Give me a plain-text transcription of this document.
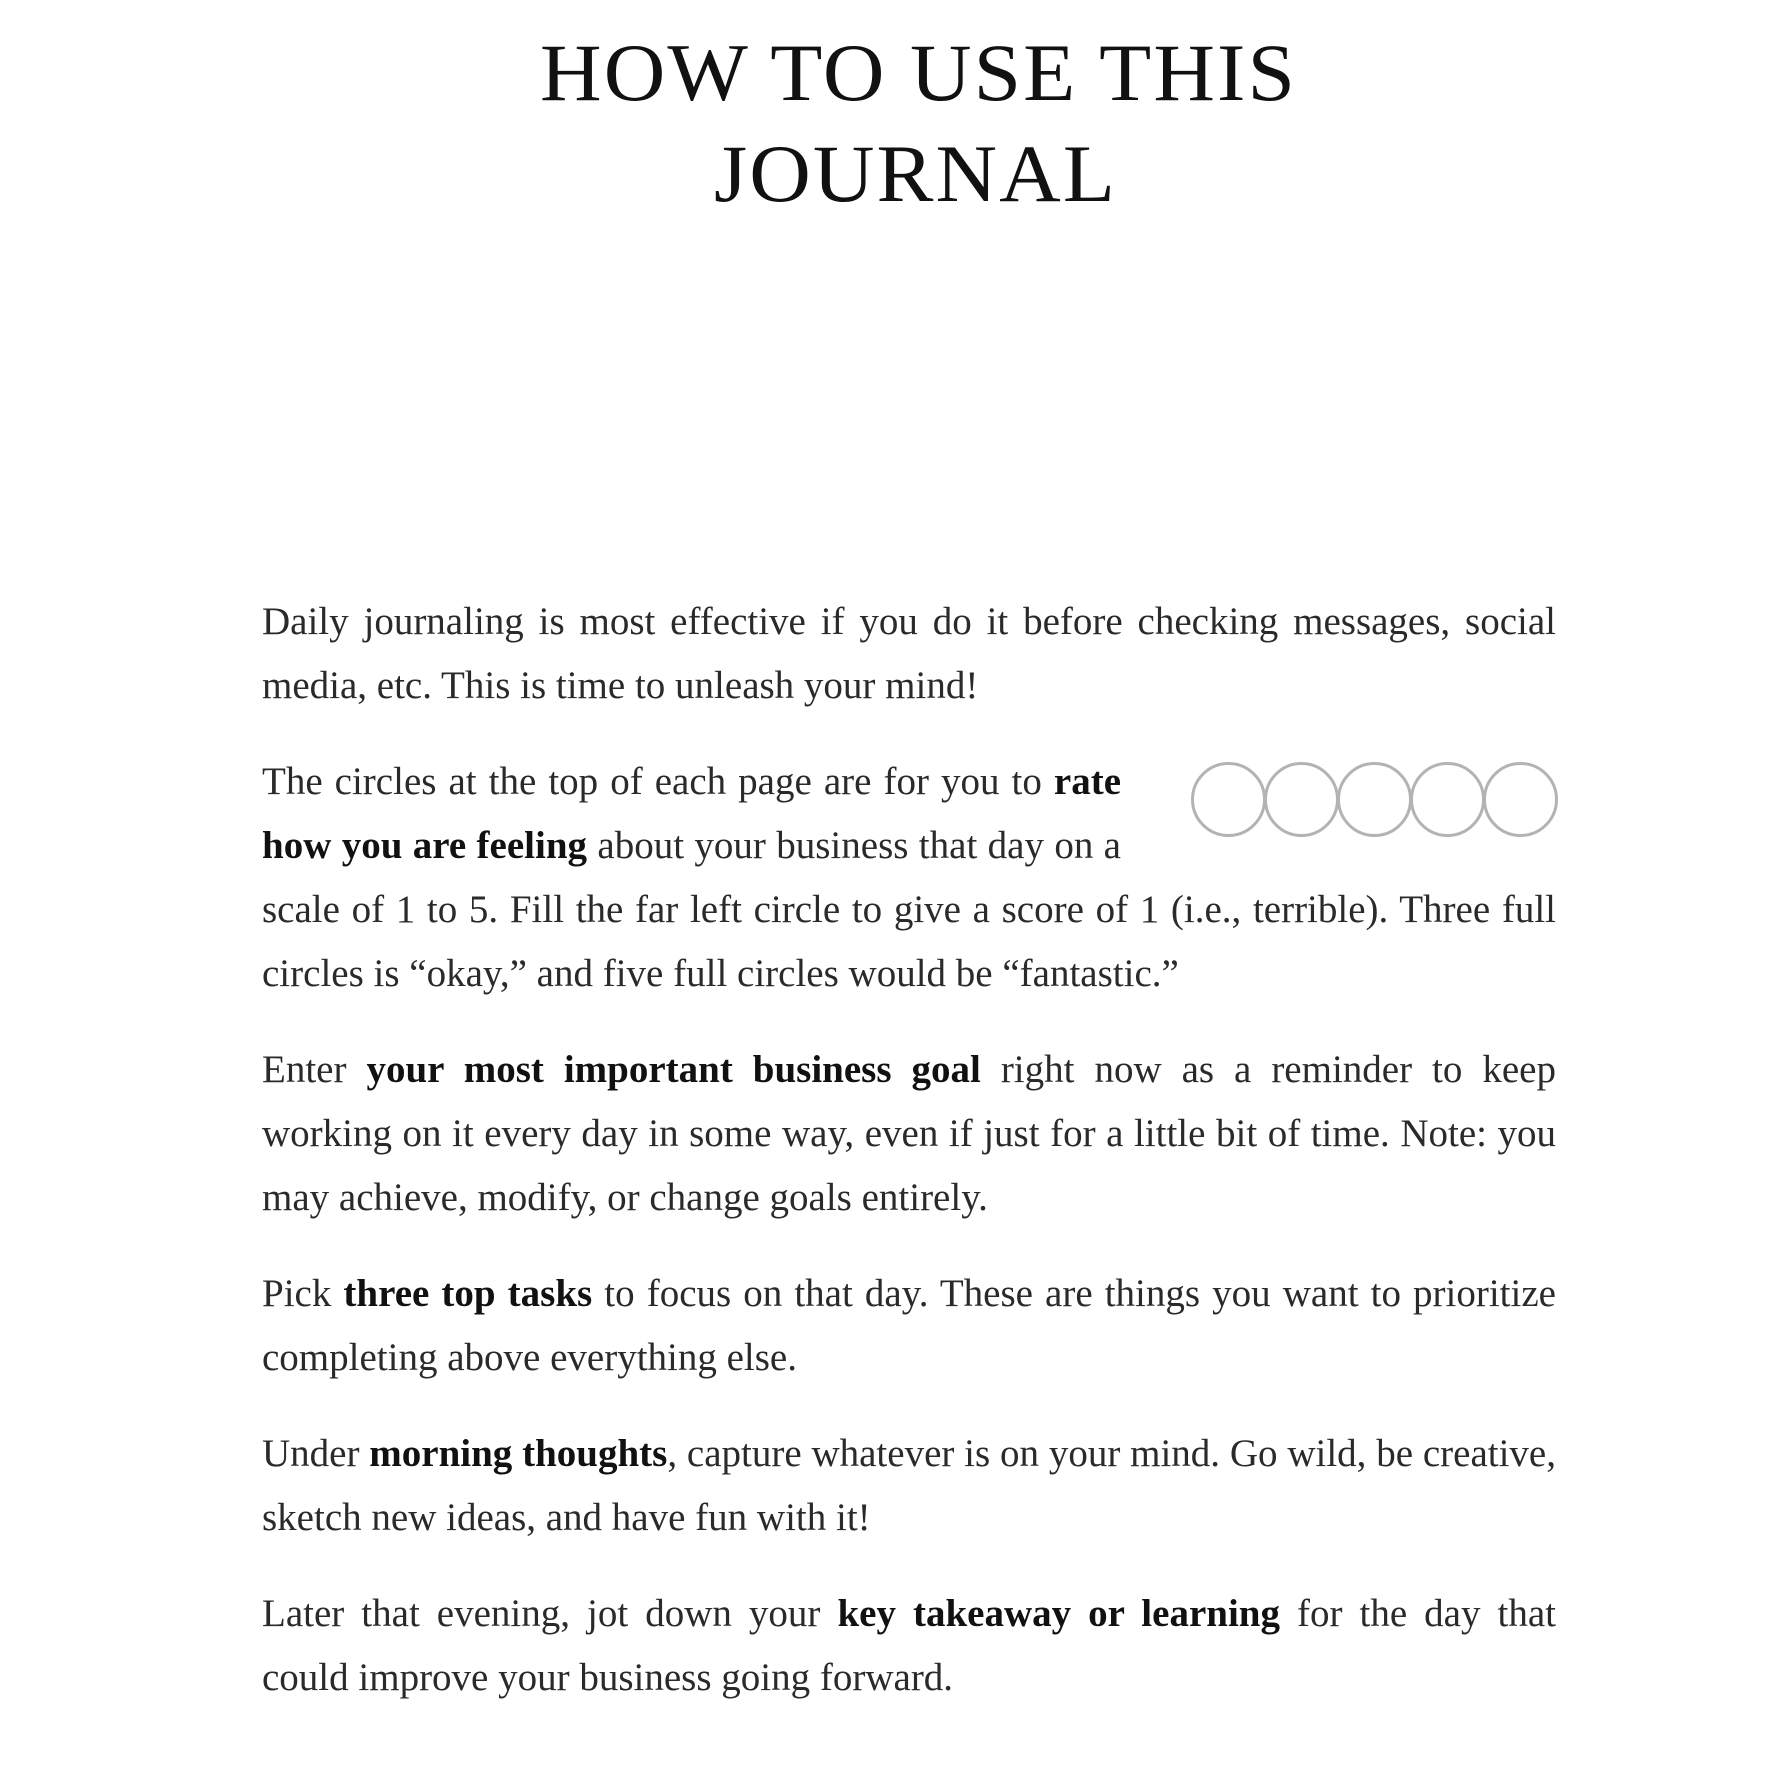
HOW TO USE THIS
JOURNAL

Daily journaling is most effective if you do it before checking messages, social media, etc. This is time to unleash your mind!

The circles at the top of each page are for you to rate how you are feeling about your business that day on a scale of 1 to 5. Fill the far left circle to give a score of 1 (i.e., terrible). Three full circles is “okay,” and five full circles would be “fantastic.”

Enter your most important business goal right now as a reminder to keep working on it every day in some way, even if just for a little bit of time. Note: you may achieve, modify, or change goals entirely.

Pick three top tasks to focus on that day. These are things you want to prioritize completing above everything else.

Under morning thoughts, capture whatever is on your mind. Go wild, be creative, sketch new ideas, and have fun with it!

Later that evening, jot down your key takeaway or learning for the day that could improve your business going forward.
